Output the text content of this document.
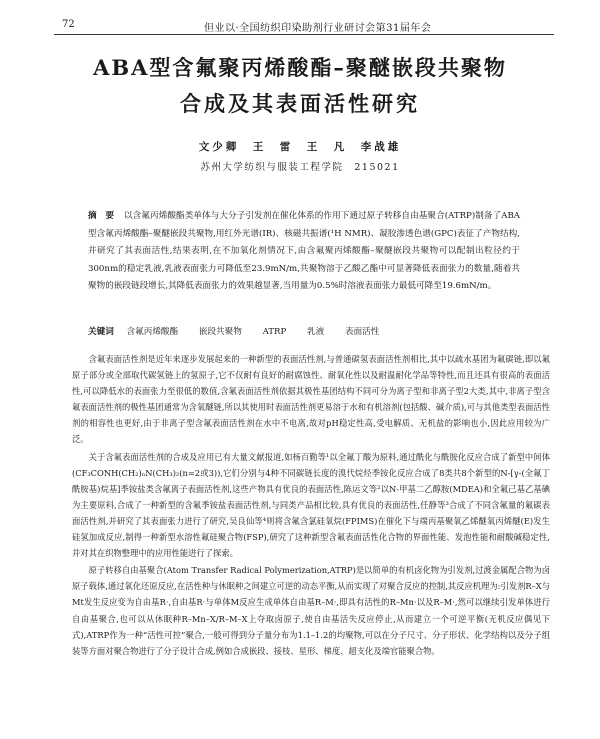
72	但业以·全国纺织印染助剂行业研讨会第31届年会
ABA型含氟聚丙烯酸酯–聚醚嵌段共聚物
合成及其表面活性研究
文少卿　王　雷　王　凡　李战雄
苏州大学纺织与服装工程学院　215021
摘　要 以含氟丙烯酸酯类单体与大分子引发剂在催化体系的作用下通过原子转移自由基聚合(ATRP)制备了ABA型含氟丙烯酸酯–聚醚嵌段共聚物,用红外光谱(IR)、核磁共振谱(¹H NMR)、凝胶渗透色谱(GPC)表征了产物结构,并研究了其表面活性,结果表明,在不加氧化剂情况下,由含氟聚丙烯酸酯–聚醚嵌段共聚物可以配制出粒径约于300nm的稳定乳液,乳液表面张力可降低至23.9mN/m,共聚物溶于乙酸乙酯中可显著降低表面张力的数量,随着共聚物的嵌段链段增长,其降低表面张力的效果越显著,当用量为0.5%时溶液表面张力最低可降至19.6mN/m。
关键词 含氟丙烯酸酯 嵌段共聚物 ATRP 乳液 表面活性

含氟表面活性剂是近年来逐步发展起来的一种新型的表面活性剂,与普通碳氢表面活性剂相比,其中以疏水基团为氟碳链,即以氟原子部分或全部取代碳氢链上的氢原子,它不仅耐有良好的耐腐蚀性、耐氧化性以及耐温耐化学品等特性,而且还具有很高的表面活性,可以降低水的表面张力至很低的数值,含氟表面活性剂依据其极性基团结构不同可分为离子型和非离子型2大类,其中,非离子型含氟表面活性剂的极性基团通常为含氧醚链,所以其使用时表面活性剂更易溶于水和有机溶剂(包括酸、碱介质),可与其他类型表面活性剂的相容性也更好,由于非离子型含氟表面活性剂在水中不电离,故对pH稳定性高,受电解质、无机盐的影响也小,因此应用较为广泛。

关于含氟表面活性剂的合成及应用已有大量文献报道,如杨百勤等¹以全氟丁酸为原料,通过酰化与酰胺化反应合成了新型中间体(CF₃CONH(CH₂)ₙN(CH₃)₂(n=2或3)),它们分别与4种不同碳链长度的溴代烷烃季铵化反应合成了8类共8个新型的N-[γ-(全氟丁酰胺基)烷基]季铵盐类含氟离子表面活性剂,这些产物具有优良的表面活性,陈运文等²以N-甲基二乙醇胺(MDEA)和全氟己基乙基碘为主要原料,合成了一种新型的含氟季铵盐表面活性剂,与同类产品相比较,具有优良的表面活性,任静等³合成了不同含氟量的氟碳表面活性剂,并研究了其表面张力进行了研究,吴良仙等⁴则将含氟含氯硅氧烷(FPIMS)在催化下与端丙基聚氧乙烯醚氧丙烯醚(E)发生硅氢加成反应,制得一种新型水溶性氟硅聚合物(FSP),研究了这种新型含氟表面活性化合物的界面性能、发泡性能和耐酸碱稳定性,并对其在织物整理中的应用性能进行了探索。

原子转移自由基聚合(Atom Transfer Radical Polymerization,ATRP)是以简单的有机卤化物为引发剂,过渡金属配合物为卤原子载体,通过氧化还原反应,在活性种与休眠种之间建立可逆的动态平衡,从而实现了对聚合反应的控制,其反应机理为:引发剂R–X与Mt发生反应变为自由基R·,自由基R·与单体M反应生成单体自由基R–M·,即具有活性的R–Mn·以及R–M·,然可以继续引发单体进行自由基聚合,也可以从休眠种R–Mn–X/R–M–X上夺取卤原子,使自由基活失反应停止,从而建立一个可逆平衡(无机反应偶见下式),ATRP作为一种“活性可控”聚合,一般可得到分子量分布为1.1–1.2的均聚物,可以在分子尺寸、分子形状、化学结构以及分子组装等方面对聚合物进行了分子设计合成,例如合成嵌段、接枝、星形、梯度、超支化及端官能聚合物。
